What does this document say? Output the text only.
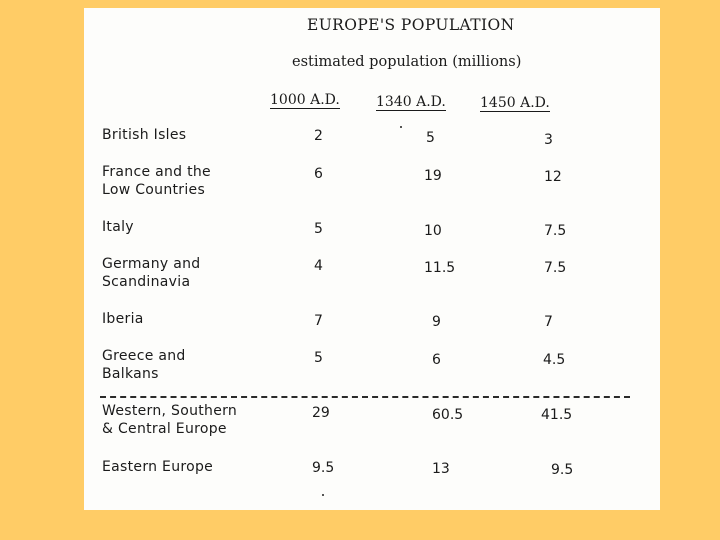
EUROPE'S POPULATION
estimated population (millions)
1000 A.D.	1340 A.D. 1450 A.D.
British Isles	2	5	3
France and the
Low Countries
6	19	12
Italy	5	10	7.5
Germany and
Scandinavia
4	11.5	7.5
Iberia	7	9	7
Greece and
Balkans
5	6	4.5
Western, Southern
& Central Europe
29	60.5	41.5
Eastern Europe	9.5	13	9.5
